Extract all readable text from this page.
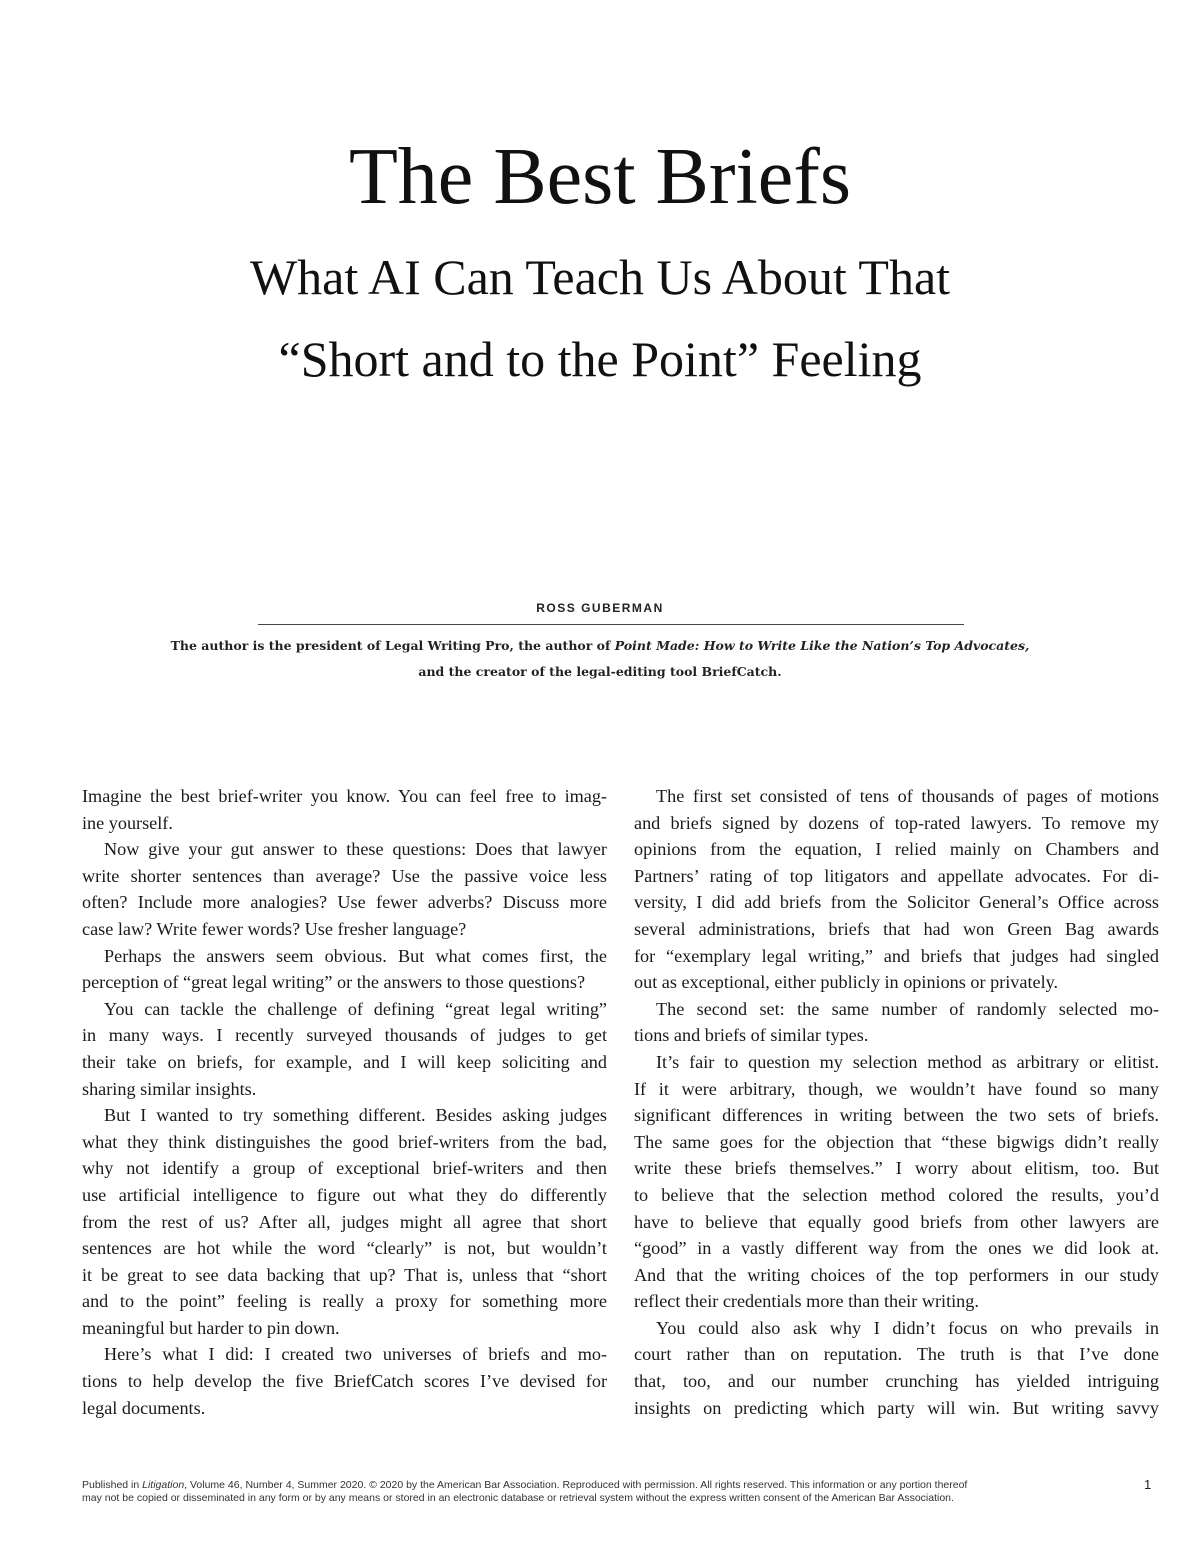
The Best Briefs
What AI Can Teach Us About That
“Short and to the Point” Feeling
ROSS GUBERMAN

The author is the president of Legal Writing Pro, the author of Point Made: How to Write Like the Nation’s Top Advocates,

and the creator of the legal-editing tool BriefCatch.

Imagine the best brief-writer you know. You can feel free to imag-

ine yourself.

Now give your gut answer to these questions: Does that lawyer

write shorter sentences than average? Use the passive voice less

often? Include more analogies? Use fewer adverbs? Discuss more

case law? Write fewer words? Use fresher language?

Perhaps the answers seem obvious. But what comes first, the

perception of “great legal writing” or the answers to those questions?

You can tackle the challenge of defining “great legal writing”

in many ways. I recently surveyed thousands of judges to get

their take on briefs, for example, and I will keep soliciting and

sharing similar insights.

But I wanted to try something different. Besides asking judges

what they think distinguishes the good brief-writers from the bad,

why not identify a group of exceptional brief-writers and then

use artificial intelligence to figure out what they do differently

from the rest of us? After all, judges might all agree that short

sentences are hot while the word “clearly” is not, but wouldn’t

it be great to see data backing that up? That is, unless that “short

and to the point” feeling is really a proxy for something more

meaningful but harder to pin down.

Here’s what I did: I created two universes of briefs and mo-

tions to help develop the five BriefCatch scores I’ve devised for

legal documents.

The first set consisted of tens of thousands of pages of motions

and briefs signed by dozens of top-rated lawyers. To remove my

opinions from the equation, I relied mainly on Chambers and

Partners’ rating of top litigators and appellate advocates. For di-

versity, I did add briefs from the Solicitor General’s Office across

several administrations, briefs that had won Green Bag awards

for “exemplary legal writing,” and briefs that judges had singled

out as exceptional, either publicly in opinions or privately.

The second set: the same number of randomly selected mo-

tions and briefs of similar types.

It’s fair to question my selection method as arbitrary or elitist.

If it were arbitrary, though, we wouldn’t have found so many

significant differences in writing between the two sets of briefs.

The same goes for the objection that “these bigwigs didn’t really

write these briefs themselves.” I worry about elitism, too. But

to believe that the selection method colored the results, you’d

have to believe that equally good briefs from other lawyers are

“good” in a vastly different way from the ones we did look at.

And that the writing choices of the top performers in our study

reflect their credentials more than their writing.

You could also ask why I didn’t focus on who prevails in

court rather than on reputation. The truth is that I’ve done

that, too, and our number crunching has yielded intriguing

insights on predicting which party will win. But writing savvy

Published in Litigation, Volume 46, Number 4, Summer 2020. © 2020 by the American Bar Association. Reproduced with permission. All rights reserved. This information or any portion thereof
may not be copied or disseminated in any form or by any means or stored in an electronic database or retrieval system without the express written consent of the American Bar Association.
1
